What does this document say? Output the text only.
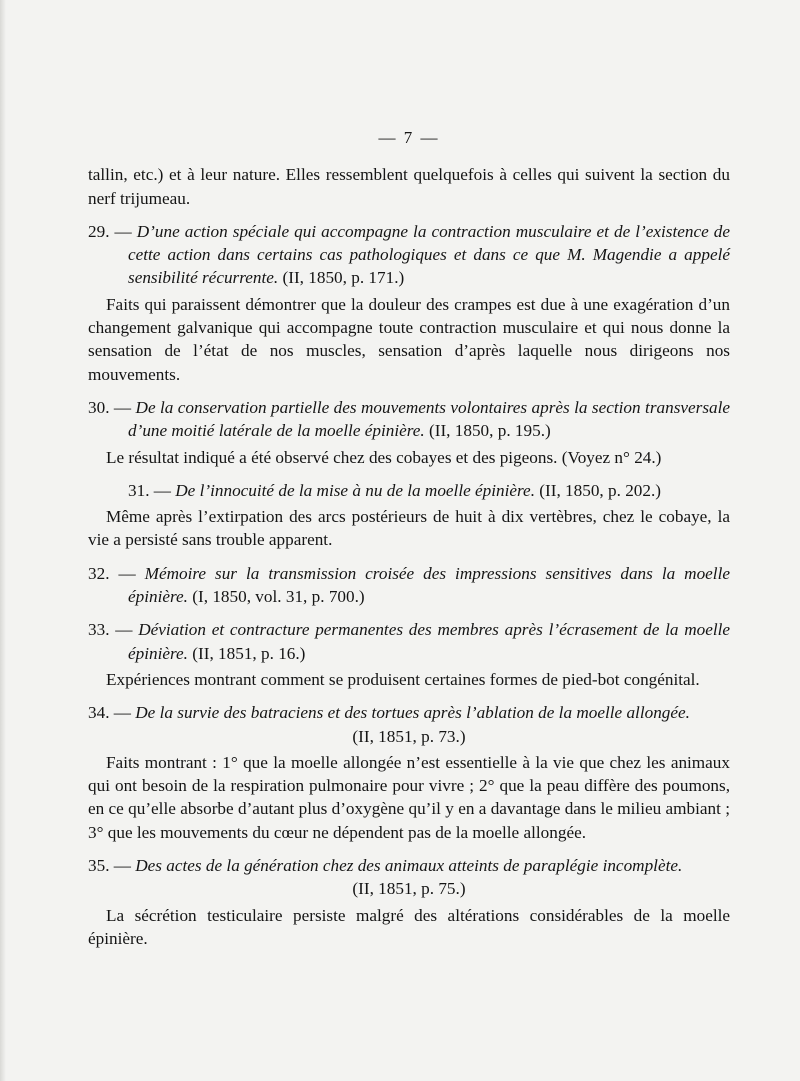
— 7 —

tallin, etc.) et à leur nature. Elles ressemblent quelquefois à celles qui suivent la section du nerf trijumeau.

29. — D’une action spéciale qui accompagne la contraction musculaire et de l’existence de cette action dans certains cas pathologiques et dans ce que M. Magendie a appelé sensibilité récurrente. (II, 1850, p. 171.)

Faits qui paraissent démontrer que la douleur des crampes est due à une exagération d’un changement galvanique qui accompagne toute contraction musculaire et qui nous donne la sensation de l’état de nos muscles, sensation d’après laquelle nous dirigeons nos mouvements.

30. — De la conservation partielle des mouvements volontaires après la section transversale d’une moitié latérale de la moelle épinière. (II, 1850, p. 195.)

Le résultat indiqué a été observé chez des cobayes et des pigeons. (Voyez n° 24.)

31. — De l’innocuité de la mise à nu de la moelle épinière. (II, 1850, p. 202.)

Même après l’extirpation des arcs postérieurs de huit à dix vertèbres, chez le cobaye, la vie a persisté sans trouble apparent.

32. — Mémoire sur la transmission croisée des impressions sensitives dans la moelle épinière. (I, 1850, vol. 31, p. 700.)

33. — Déviation et contracture permanentes des membres après l’écrasement de la moelle épinière. (II, 1851, p. 16.)

Expériences montrant comment se produisent certaines formes de pied-bot congénital.

34. — De la survie des batraciens et des tortues après l’ablation de la moelle allongée.

(II, 1851, p. 73.)

Faits montrant : 1° que la moelle allongée n’est essentielle à la vie que chez les animaux qui ont besoin de la respiration pulmonaire pour vivre ; 2° que la peau diffère des poumons, en ce qu’elle absorbe d’autant plus d’oxygène qu’il y en a davantage dans le milieu ambiant ; 3° que les mouvements du cœur ne dépendent pas de la moelle allongée.

35. — Des actes de la génération chez des animaux atteints de paraplégie incomplète.

(II, 1851, p. 75.)

La sécrétion testiculaire persiste malgré des altérations considérables de la moelle épinière.
